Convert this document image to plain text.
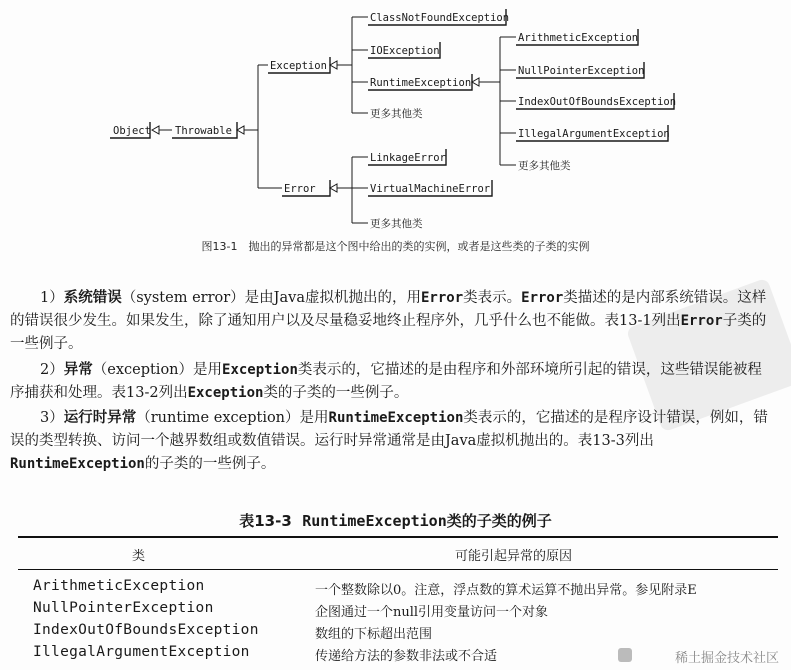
Object Throwable
Exception
Error
ClassNotFoundException
IOException
RuntimeException
更多其他类
ArithmeticException
NullPointerException
IndexOutOfBoundsException
IllegalArgumentException
更多其他类
LinkageError
VirtualMachineError
更多其他类
图13-1　抛出的异常都是这个图中给出的类的实例，或者是这些类的子类的实例
1）系统错误（system error）是由Java虚拟机抛出的，用Error类表示。Error类描述的是内部系统错误。这样的错误很少发生。如果发生，除了通知用户以及尽量稳妥地终止程序外，几乎什么也不能做。表13-1列出Error子类的一些例子。
2）异常（exception）是用Exception类表示的，它描述的是由程序和外部环境所引起的错误，这些错误能被程序捕获和处理。表13-2列出Exception类的子类的一些例子。
3）运行时异常（runtime exception）是用RuntimeException类表示的，它描述的是程序设计错误，例如，错误的类型转换、访问一个越界数组或数值错误。运行时异常通常是由Java虚拟机抛出的。表13-3列出RuntimeException的子类的一些例子。
表13-3 RuntimeException类的子类的例子
类	可能引起异常的原因
ArithmeticException	一个整数除以0。注意，浮点数的算术运算不抛出异常。参见附录E
NullPointerException	企图通过一个null引用变量访问一个对象
IndexOutOfBoundsException	数组的下标超出范围
IllegalArgumentException	传递给方法的参数非法或不合适	稀土掘金技术社区
